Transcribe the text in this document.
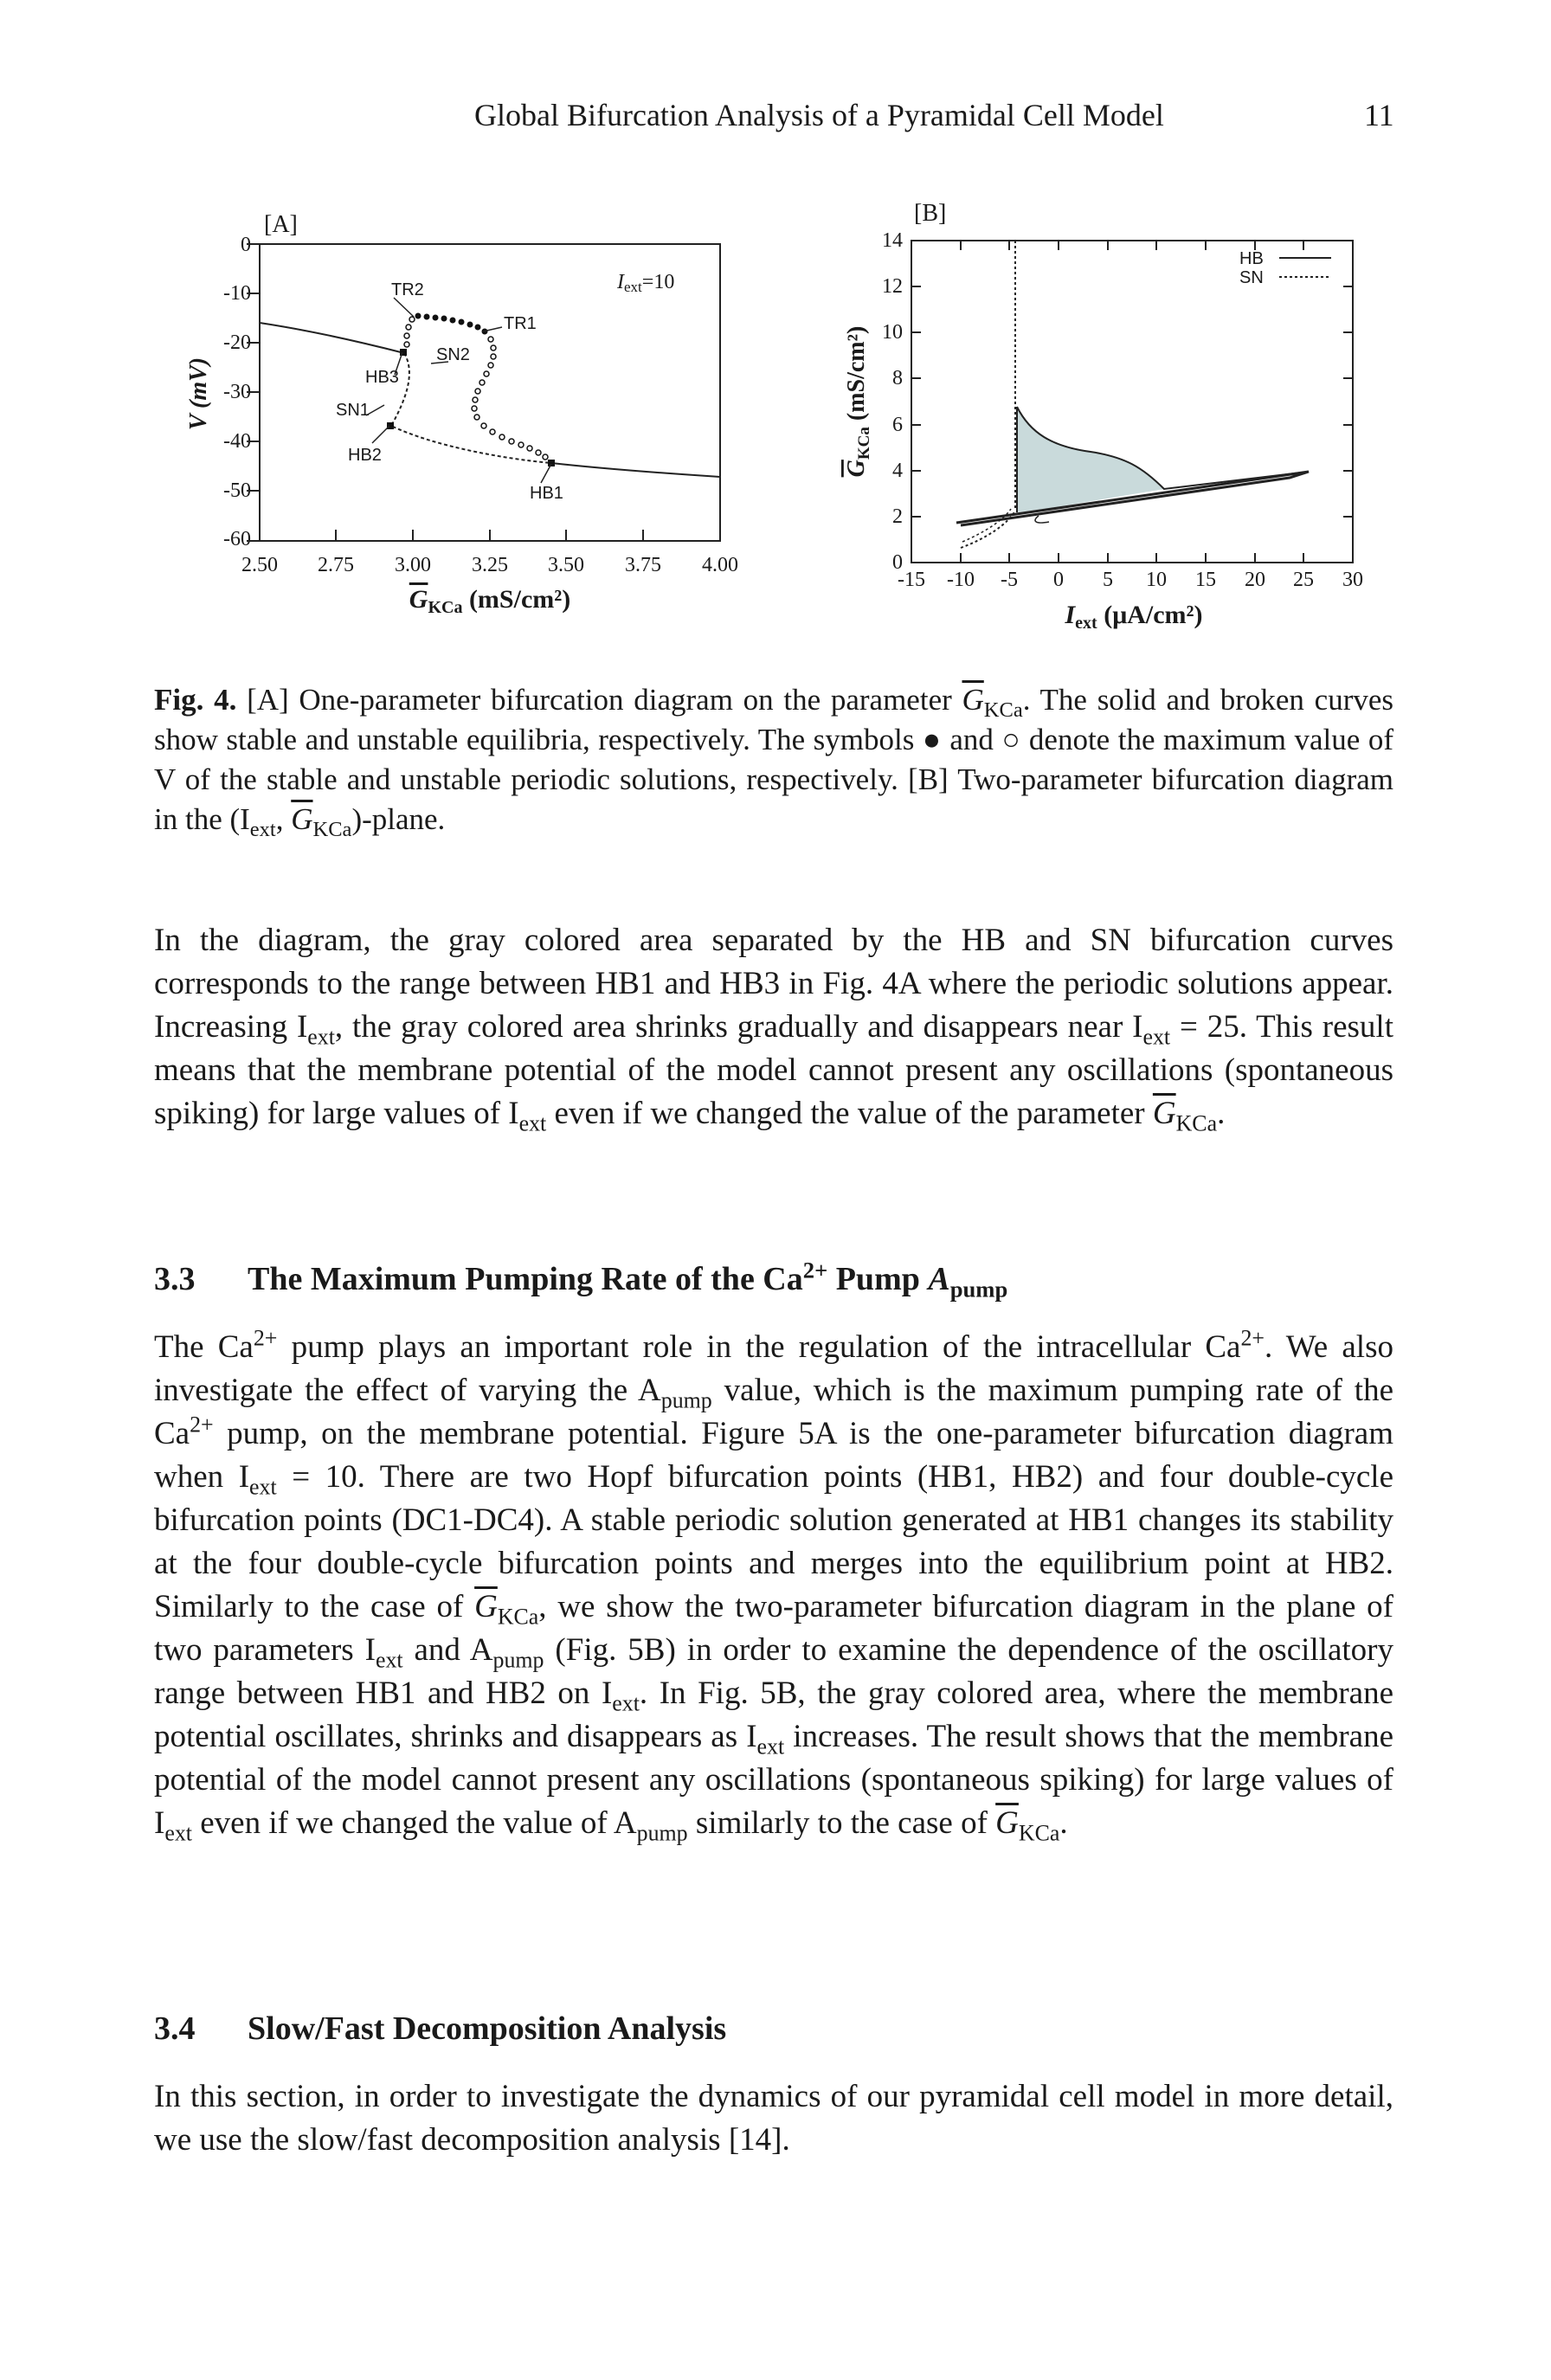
Global Bifurcation Analysis of a Pyramidal Cell Model	11
[A]
0
-10
-20
-30
-40
-50
-60
2.50 2.75 3.00 3.25 3.50 3.75 4.00
V (mV)
$G_{KCa}$ (mS/cm²)
Iext=10
TR2
TR1
SN2
HB3
SN1
HB2
HB1
[B]
0
2
4
6
8
10
12
14
-15 -10 -5 0 5 10 15 20 25 30
$G_{KCa}$ (mS/cm²)
$I_{ext}$ (μA/cm²)
HB
SN
Fig. 4. [A] One-parameter bifurcation diagram on the parameter $\overline{G}_{KCa}$. The solid and broken curves show stable and unstable equilibria, respectively. The symbols ● and ○ denote the maximum value of V of the stable and unstable periodic solutions, respectively. [B] Two-parameter bifurcation diagram in the ($I_{ext}$, $\overline{G}_{KCa}$)-plane.
In the diagram, the gray colored area separated by the HB and SN bifurcation curves corresponds to the range between HB1 and HB3 in Fig. 4A where the periodic solutions appear. Increasing $I_{ext}$, the gray colored area shrinks gradually and disappears near $I_{ext} = 25$. This result means that the membrane potential of the model cannot present any oscillations (spontaneous spiking) for large values of $I_{ext}$ even if we changed the value of the parameter $\overline{G}_{KCa}$.
3.3 The Maximum Pumping Rate of the $Ca^{2+}$ Pump $A_{pump}$
The $Ca^{2+}$ pump plays an important role in the regulation of the intracellular $Ca^{2+}$. We also investigate the effect of varying the $A_{pump}$ value, which is the maximum pumping rate of the $Ca^{2+}$ pump, on the membrane potential. Figure 5A is the one-parameter bifurcation diagram when $I_{ext} = 10$. There are two Hopf bifurcation points (HB1, HB2) and four double-cycle bifurcation points (DC1-DC4). A stable periodic solution generated at HB1 changes its stability at the four double-cycle bifurcation points and merges into the equilibrium point at HB2. Similarly to the case of $\overline{G}_{KCa}$, we show the two-parameter bifurcation diagram in the plane of two parameters $I_{ext}$ and $A_{pump}$ (Fig. 5B) in order to examine the dependence of the oscillatory range between HB1 and HB2 on $I_{ext}$. In Fig. 5B, the gray colored area, where the membrane potential oscillates, shrinks and disappears as $I_{ext}$ increases. The result shows that the membrane potential of the model cannot present any oscillations (spontaneous spiking) for large values of $I_{ext}$ even if we changed the value of $A_{pump}$ similarly to the case of $\overline{G}_{KCa}$.
3.4 Slow/Fast Decomposition Analysis
In this section, in order to investigate the dynamics of our pyramidal cell model in more detail, we use the slow/fast decomposition analysis [14].
